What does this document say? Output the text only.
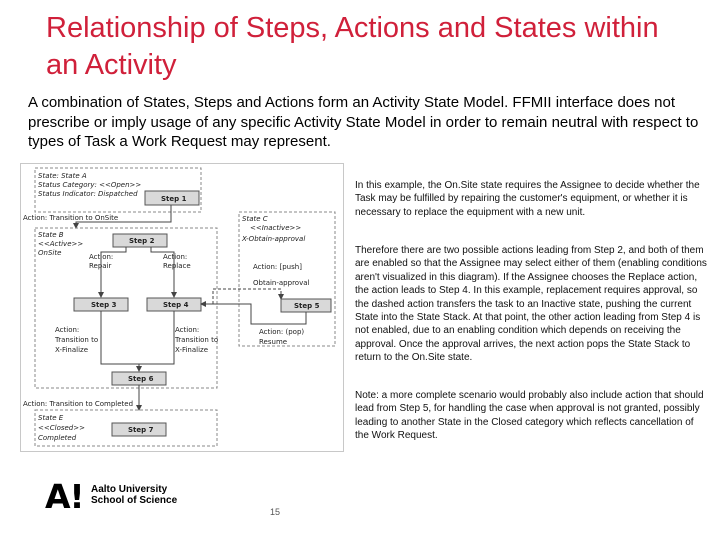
Relationship of Steps, Actions and States within an Activity
A combination of States, Steps and Actions form an Activity State Model. FFMII interface does not prescribe or imply usage of any specific Activity State Model in order to remain neutral with respect to types of Task a Work Request may represent.
State: State A
Status Category: <<Open>>
Status Indicator: Dispatched
Step 1
Action: Transition to OnSite
State B
<<Active>>
OnSite
Step 2
Action:
Repair
Action:
Replace
Step 3	Step 4
Action:
Transition to
X-Finalize
Action:
Transition to
X-Finalize
Step 6
Action: Transition to Completed
State C
<<Inactive>>
X-Obtain-approval
Action: [push]
Obtain-approval
Step 5
Action: (pop)
Resume
State E
<<Closed>>
Completed
Step 7
In this example, the On.Site state requires the Assignee to decide whether the Task may be fulfilled by repairing the customer's equipment, or whether it is necessary to replace the equipment with a new unit.
Therefore there are two possible actions leading from Step 2, and both of them are enabled so that the Assignee may select either of them (enabling conditions aren't visualized in this diagram). If the Assignee chooses the Replace action, the action leads to Step 4. In this example, replacement requires approval, so the dashed action transfers the task to an Inactive state, pushing the current State into the State Stack. At that point, the other action leading from Step 4 is not enabled, due to an enabling condition which depends on receiving the approval. Once the approval arrives, the next action pops the State Stack to return to the On.Site state.
Note: a more complete scenario would probably also include action that should lead from Step 5, for handling the case when approval is not granted, possibly leading to another State in the Closed category which reflects cancellation of the Work Request.
A! Aalto University
School of Science
15
